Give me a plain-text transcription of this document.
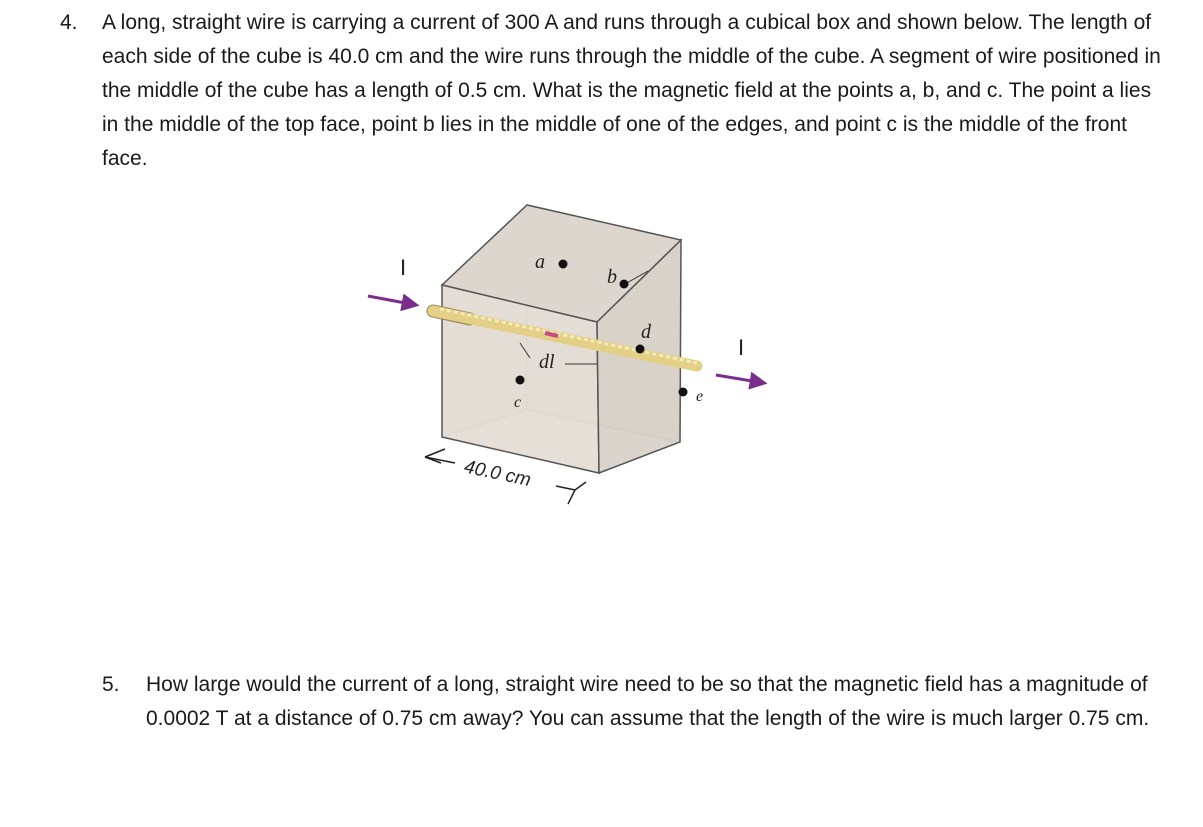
4. A long, straight wire is carrying a current of 300 A and runs through a cubical box and shown below. The length of each side of the cube is 40.0 cm and the wire runs through the middle of the cube. A segment of wire positioned in the middle of the cube has a length of 0.5 cm. What is the magnetic field at the points a, b, and c. The point a lies in the middle of the top face, point b lies in the middle of one of the edges, and point c is the middle of the front face.
I
I
a
b
c
d
e
dl
40.0 cm
5. How large would the current of a long, straight wire need to be so that the magnetic field has a magnitude of 0.0002 T at a distance of 0.75 cm away? You can assume that the length of the wire is much larger 0.75 cm.
